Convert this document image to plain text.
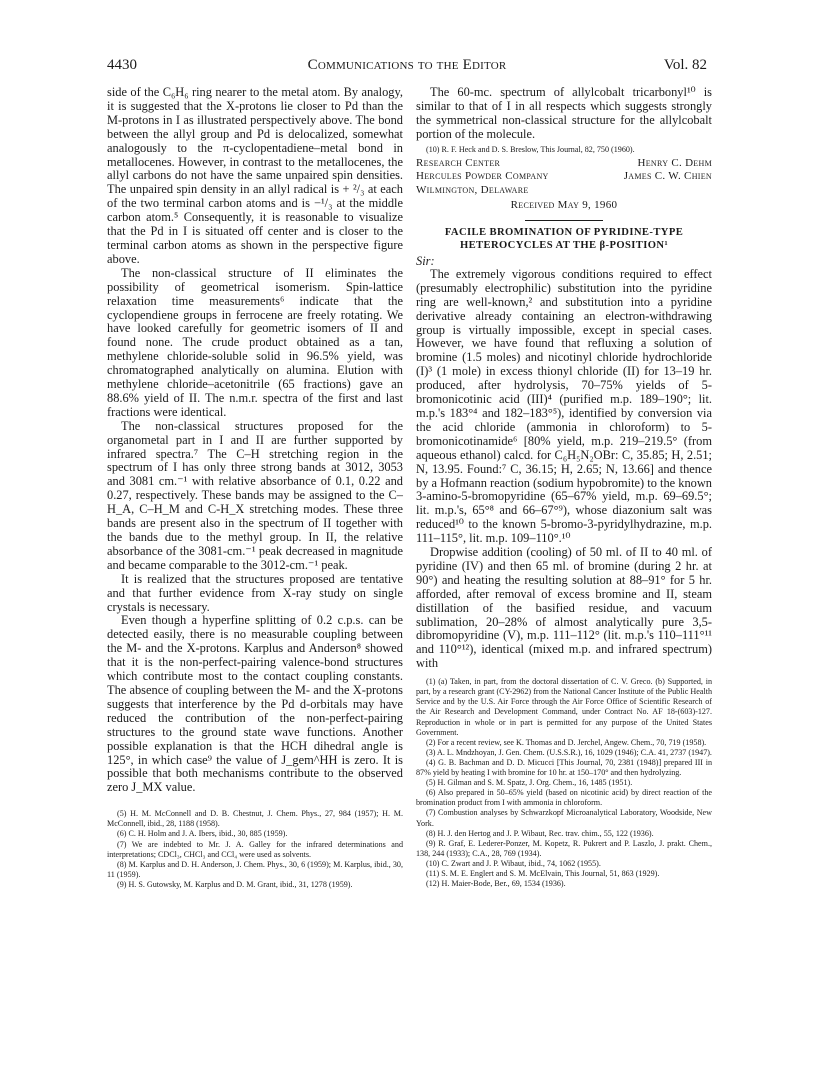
4430	Communications to the Editor	Vol. 82

side of the C₆H₆ ring nearer to the metal atom. By analogy, it is suggested that the X-protons lie closer to Pd than the M-protons in I as illustrated perspectively above. The bond between the allyl group and Pd is delocalized, somewhat analogously to the π-cyclopentadiene–metal bond in metallocenes. However, in contrast to the metallocenes, the allyl carbons do not have the same unpaired spin densities. The unpaired spin density in an allyl radical is + ²/₃ at each of the two terminal carbon atoms and is −¹/₃ at the middle carbon atom.⁵ Consequently, it is reasonable to visualize that the Pd in I is situated off center and is closer to the terminal carbon atoms as shown in the perspective figure above.

The non-classical structure of II eliminates the possibility of geometrical isomerism. Spin-lattice relaxation time measurements⁶ indicate that the cyclopendiene groups in ferrocene are freely rotating. We have looked carefully for geometric isomers of II and found none. The crude product obtained as a tan, methylene chloride-soluble solid in 96.5% yield, was chromatographed analytically on alumina. Elution with methylene chloride–acetonitrile (65 fractions) gave an 88.6% yield of II. The n.m.r. spectra of the first and last fractions were identical.

The non-classical structures proposed for the organometal part in I and II are further supported by infrared spectra.⁷ The C–H stretching region in the spectrum of I has only three strong bands at 3012, 3053 and 3081 cm.⁻¹ with relative absorbance of 0.1, 0.22 and 0.27, respectively. These bands may be assigned to the C–H_A, C–H_M and C-H_X stretching modes. These three bands are present also in the spectrum of II together with the bands due to the methyl group. In II, the relative absorbance of the 3081-cm.⁻¹ peak decreased in magnitude and became comparable to the 3012-cm.⁻¹ peak.

It is realized that the structures proposed are tentative and that further evidence from X-ray study on single crystals is necessary.

Even though a hyperfine splitting of 0.2 c.p.s. can be detected easily, there is no measurable coupling between the M- and the X-protons. Karplus and Anderson⁸ showed that it is the non-perfect-pairing valence-bond structures which contribute most to the contact coupling constants. The absence of coupling between the M- and the X-protons suggests that interference by the Pd d-orbitals may have reduced the contribution of the non-perfect-pairing structures to the ground state wave functions. Another possible explanation is that the HCH dihedral angle is 125°, in which case⁹ the value of J_gem^HH is zero. It is possible that both mechanisms contribute to the observed zero J_MX value.

(5) H. M. McConnell and D. B. Chestnut, J. Chem. Phys., 27, 984 (1957); H. M. McConnell, ibid., 28, 1188 (1958).

(6) C. H. Holm and J. A. Ibers, ibid., 30, 885 (1959).

(7) We are indebted to Mr. J. A. Galley for the infrared determinations and interpretations; CDCl₃, CHCl₃ and CCl₄ were used as solvents.

(8) M. Karplus and D. H. Anderson, J. Chem. Phys., 30, 6 (1959); M. Karplus, ibid., 30, 11 (1959).

(9) H. S. Gutowsky, M. Karplus and D. M. Grant, ibid., 31, 1278 (1959).

The 60-mc. spectrum of allylcobalt tricarbonyl¹⁰ is similar to that of I in all respects which suggests strongly the symmetrical non-classical structure for the allylcobalt portion of the molecule.

(10) R. F. Heck and D. S. Breslow, This Journal, 82, 750 (1960).

Research Center	Henry C. Dehm
Hercules Powder Company	James C. W. Chien
Wilmington, Delaware
Received May 9, 1960
FACILE BROMINATION OF PYRIDINE-TYPE HETEROCYCLES AT THE β-POSITION¹

Sir:

The extremely vigorous conditions required to effect (presumably electrophilic) substitution into the pyridine ring are well-known,² and substitution into a pyridine derivative already containing an electron-withdrawing group is virtually impossible, except in special cases. However, we have found that refluxing a solution of bromine (1.5 moles) and nicotinyl chloride hydrochloride (I)³ (1 mole) in excess thionyl chloride (II) for 13–19 hr. produced, after hydrolysis, 70–75% yields of 5-bromonicotinic acid (III)⁴ (purified m.p. 189–190°; lit. m.p.'s 183°⁴ and 182–183°⁵), identified by conversion via the acid chloride (ammonia in chloroform) to 5-bromonicotinamide⁶ [80% yield, m.p. 219–219.5° (from aqueous ethanol) calcd. for C₆H₅N₂OBr: C, 35.85; H, 2.51; N, 13.95. Found:⁷ C, 36.15; H, 2.65; N, 13.66] and thence by a Hofmann reaction (sodium hypobromite) to the known 3-amino-5-bromopyridine (65–67% yield, m.p. 69–69.5°; lit. m.p.'s, 65°⁸ and 66–67°⁹), whose diazonium salt was reduced¹⁰ to the known 5-bromo-3-pyridylhydrazine, m.p. 111–115°, lit. m.p. 109–110°.¹⁰

Dropwise addition (cooling) of 50 ml. of II to 40 ml. of pyridine (IV) and then 65 ml. of bromine (during 2 hr. at 90°) and heating the resulting solution at 88–91° for 5 hr. afforded, after removal of excess bromine and II, steam distillation of the basified residue, and vacuum sublimation, 20–28% of almost analytically pure 3,5-dibromopyridine (V), m.p. 111–112° (lit. m.p.'s 110–111°¹¹ and 110°¹²), identical (mixed m.p. and infrared spectrum) with

(1) (a) Taken, in part, from the doctoral dissertation of C. V. Greco. (b) Supported, in part, by a research grant (CY-2962) from the National Cancer Institute of the Public Health Service and by the U.S. Air Force through the Air Force Office of Scientific Research of the Air Research and Development Command, under Contract No. AF 18-(603)-127. Reproduction in whole or in part is permitted for any purpose of the United States Government.

(2) For a recent review, see K. Thomas and D. Jerchel, Angew. Chem., 70, 719 (1958).

(3) A. L. Mndzhoyan, J. Gen. Chem. (U.S.S.R.), 16, 1029 (1946); C.A. 41, 2737 (1947).

(4) G. B. Bachman and D. D. Micucci [This Journal, 70, 2381 (1948)] prepared III in 87% yield by heating I with bromine for 10 hr. at 150–170° and then hydrolyzing.

(5) H. Gilman and S. M. Spatz, J. Org. Chem., 16, 1485 (1951).

(6) Also prepared in 50–65% yield (based on nicotinic acid) by direct reaction of the bromination product from I with ammonia in chloroform.

(7) Combustion analyses by Schwarzkopf Microanalytical Laboratory, Woodside, New York.

(8) H. J. den Hertog and J. P. Wibaut, Rec. trav. chim., 55, 122 (1936).

(9) R. Graf, E. Lederer-Ponzer, M. Kopetz, R. Pukrert and P. Laszlo, J. prakt. Chem., 138, 244 (1933); C.A., 28, 769 (1934).

(10) C. Zwart and J. P. Wibaut, ibid., 74, 1062 (1955).

(11) S. M. E. Englert and S. M. McElvain, This Journal, 51, 863 (1929).

(12) H. Maier-Bode, Ber., 69, 1534 (1936).
